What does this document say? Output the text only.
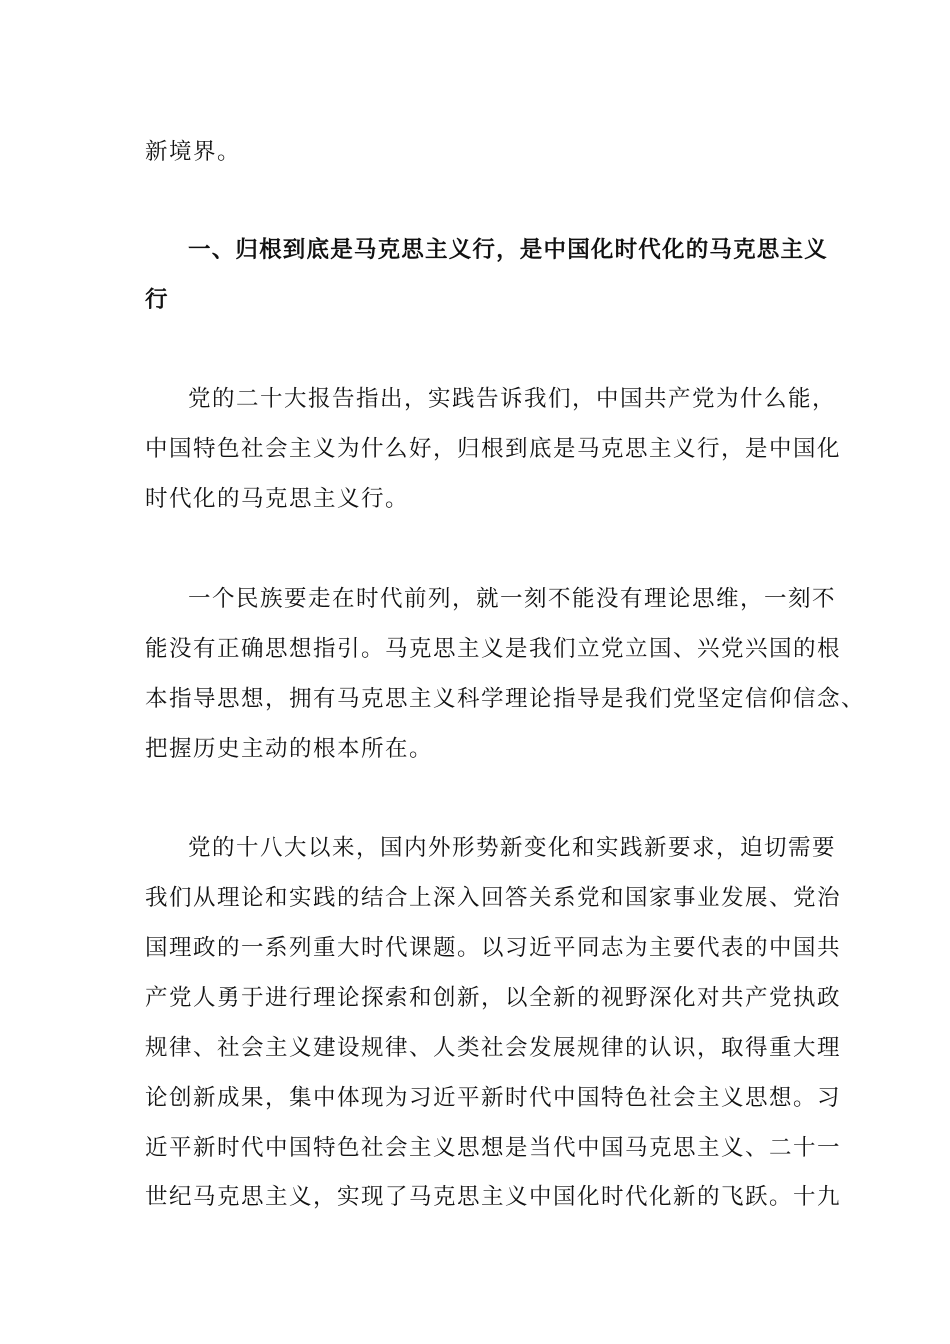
新境界。
一、归根到底是马克思主义行，是中国化时代化的马克思主义
行
党的二十大报告指出，实践告诉我们，中国共产党为什么能，
中国特色社会主义为什么好，归根到底是马克思主义行，是中国化
时代化的马克思主义行。
一个民族要走在时代前列，就一刻不能没有理论思维，一刻不
能没有正确思想指引。马克思主义是我们立党立国、兴党兴国的根
本指导思想，拥有马克思主义科学理论指导是我们党坚定信仰信念、
把握历史主动的根本所在。
党的十八大以来，国内外形势新变化和实践新要求，迫切需要
我们从理论和实践的结合上深入回答关系党和国家事业发展、党治
国理政的一系列重大时代课题。以习近平同志为主要代表的中国共
产党人勇于进行理论探索和创新，以全新的视野深化对共产党执政
规律、社会主义建设规律、人类社会发展规律的认识，取得重大理
论创新成果，集中体现为习近平新时代中国特色社会主义思想。习
近平新时代中国特色社会主义思想是当代中国马克思主义、二十一
世纪马克思主义，实现了马克思主义中国化时代化新的飞跃。十九
